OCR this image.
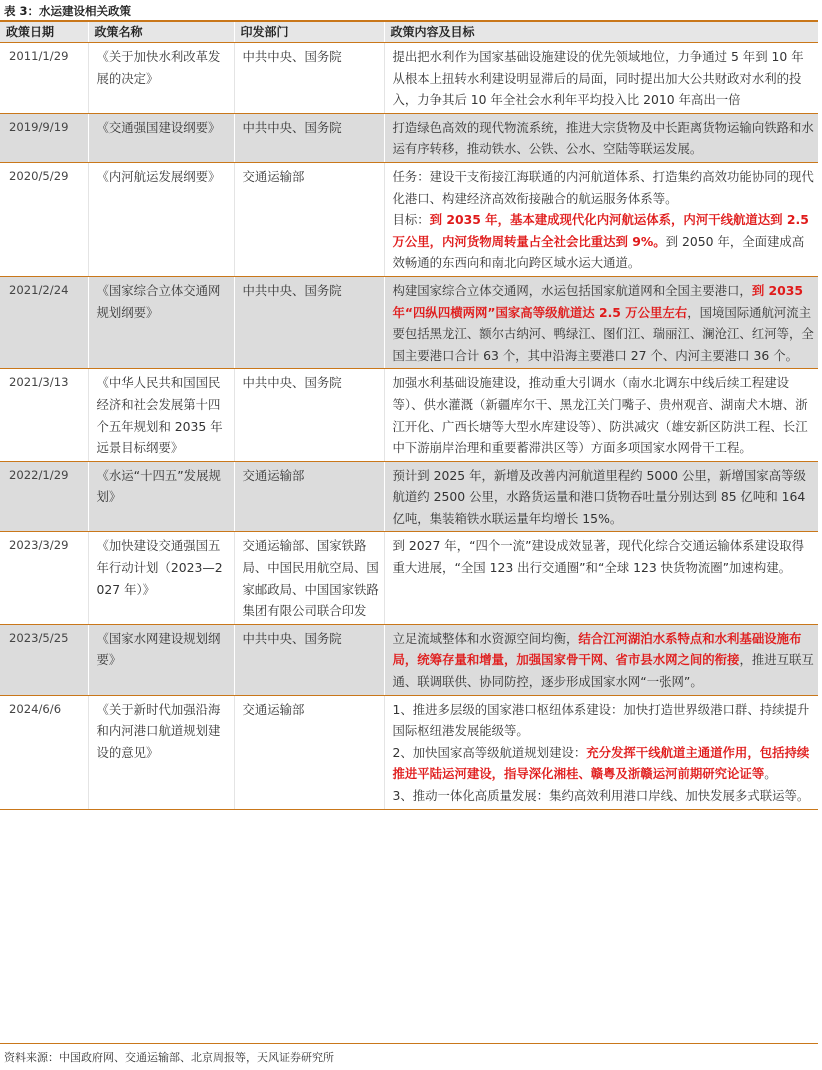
表 3：水运建设相关政策
政策日期	政策名称	印发部门	政策内容及目标
2011/1/29	《关于加快水利改革发展的决定》	中共中央、国务院	提出把水利作为国家基础设施建设的优先领域地位，力争通过 5 年到 10 年从根本上扭转水利建设明显滞后的局面，同时提出加大公共财政对水利的投入，力争其后 10 年全社会水利年平均投入比 2010 年高出一倍

2019/9/19	《交通强国建设纲要》	中共中央、国务院	打造绿色高效的现代物流系统，推进大宗货物及中长距离货物运输向铁路和水运有序转移，推动铁水、公铁、公水、空陆等联运发展。

2020/5/29	《内河航运发展纲要》	交通运输部	任务：建设干支衔接江海联通的内河航道体系、打造集约高效功能协同的现代化港口、构建经济高效衔接融合的航运服务体系等。
目标：到 2035 年，基本建成现代化内河航运体系，内河干线航道达到 2.5 万公里，内河货物周转量占全社会比重达到 9%。到 2050 年，全面建成高效畅通的东西向和南北向跨区域水运大通道。

2021/2/24	《国家综合立体交通网规划纲要》	中共中央、国务院	构建国家综合立体交通网，水运包括国家航道网和全国主要港口，到 2035 年“四纵四横两网”国家高等级航道达 2.5 万公里左右，国境国际通航河流主要包括黑龙江、额尔古纳河、鸭绿江、图们江、瑞丽江、澜沧江、红河等，全国主要港口合计 63 个，其中沿海主要港口 27 个、内河主要港口 36 个。

2021/3/13	《中华人民共和国国民经济和社会发展第十四个五年规划和 2035 年远景目标纲要》	中共中央、国务院	加强水利基础设施建设，推动重大引调水（南水北调东中线后续工程建设等）、供水灌溉（新疆库尔干、黑龙江关门嘴子、贵州观音、湖南犬木塘、浙江开化、广西长塘等大型水库建设等）、防洪减灾（雄安新区防洪工程、长江中下游崩岸治理和重要蓄滞洪区等）方面多项国家水网骨干工程。

2022/1/29	《水运“十四五”发展规划》	交通运输部	预计到 2025 年，新增及改善内河航道里程约 5000 公里，新增国家高等级航道约 2500 公里，水路货运量和港口货物吞吐量分别达到 85 亿吨和 164 亿吨，集装箱铁水联运量年均增长 15%。

2023/3/29	《加快建设交通强国五年行动计划（2023—2027 年）》	交通运输部、国家铁路局、中国民用航空局、国家邮政局、中国国家铁路集团有限公司联合印发	到 2027 年，“四个一流”建设成效显著，现代化综合交通运输体系建设取得重大进展，“全国 123 出行交通圈”和“全球 123 快货物流圈”加速构建。

2023/5/25	《国家水网建设规划纲要》	中共中央、国务院	立足流域整体和水资源空间均衡，结合江河湖泊水系特点和水利基础设施布局，统筹存量和增量，加强国家骨干网、省市县水网之间的衔接，推进互联互通、联调联供、协同防控，逐步形成国家水网“一张网”。

2024/6/6	《关于新时代加强沿海和内河港口航道规划建设的意见》	交通运输部	1、推进多层级的国家港口枢纽体系建设：加快打造世界级港口群、持续提升国际枢纽港发展能级等。
2、加快国家高等级航道规划建设：充分发挥干线航道主通道作用，包括持续推进平陆运河建设，指导深化湘桂、赣粤及浙赣运河前期研究论证等。
3、推动一体化高质量发展：集约高效利用港口岸线、加快发展多式联运等。
资料来源：中国政府网、交通运输部、北京周报等，天风证券研究所
